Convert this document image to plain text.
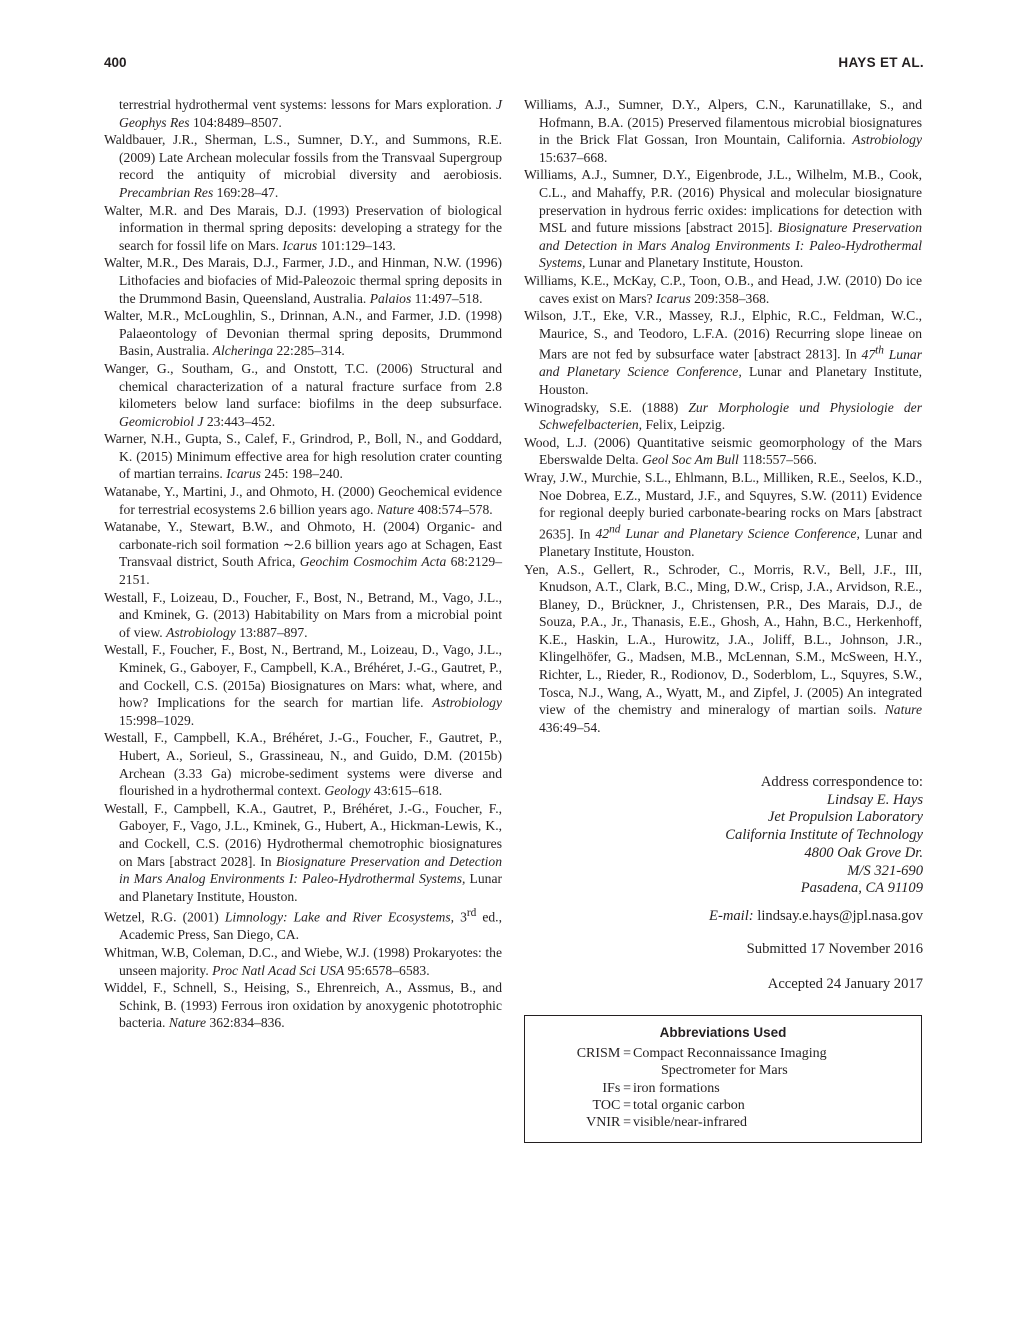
400	HAYS ET AL.

terrestrial hydrothermal vent systems: lessons for Mars exploration. J Geophys Res 104:8489–8507.

Waldbauer, J.R., Sherman, L.S., Sumner, D.Y., and Summons, R.E. (2009) Late Archean molecular fossils from the Transvaal Supergroup record the antiquity of microbial diversity and aerobiosis. Precambrian Res 169:28–47.

Walter, M.R. and Des Marais, D.J. (1993) Preservation of biological information in thermal spring deposits: developing a strategy for the search for fossil life on Mars. Icarus 101:129–143.

Walter, M.R., Des Marais, D.J., Farmer, J.D., and Hinman, N.W. (1996) Lithofacies and biofacies of Mid-Paleozoic thermal spring deposits in the Drummond Basin, Queensland, Australia. Palaios 11:497–518.

Walter, M.R., McLoughlin, S., Drinnan, A.N., and Farmer, J.D. (1998) Palaeontology of Devonian thermal spring deposits, Drummond Basin, Australia. Alcheringa 22:285–314.

Wanger, G., Southam, G., and Onstott, T.C. (2006) Structural and chemical characterization of a natural fracture surface from 2.8 kilometers below land surface: biofilms in the deep subsurface. Geomicrobiol J 23:443–452.

Warner, N.H., Gupta, S., Calef, F., Grindrod, P., Boll, N., and Goddard, K. (2015) Minimum effective area for high resolution crater counting of martian terrains. Icarus 245: 198–240.

Watanabe, Y., Martini, J., and Ohmoto, H. (2000) Geochemical evidence for terrestrial ecosystems 2.6 billion years ago. Nature 408:574–578.

Watanabe, Y., Stewart, B.W., and Ohmoto, H. (2004) Organic- and carbonate-rich soil formation ∼2.6 billion years ago at Schagen, East Transvaal district, South Africa, Geochim Cosmochim Acta 68:2129–2151.

Westall, F., Loizeau, D., Foucher, F., Bost, N., Betrand, M., Vago, J.L., and Kminek, G. (2013) Habitability on Mars from a microbial point of view. Astrobiology 13:887–897.

Westall, F., Foucher, F., Bost, N., Bertrand, M., Loizeau, D., Vago, J.L., Kminek, G., Gaboyer, F., Campbell, K.A., Bréhéret, J.-G., Gautret, P., and Cockell, C.S. (2015a) Biosignatures on Mars: what, where, and how? Implications for the search for martian life. Astrobiology 15:998–1029.

Westall, F., Campbell, K.A., Bréhéret, J.-G., Foucher, F., Gautret, P., Hubert, A., Sorieul, S., Grassineau, N., and Guido, D.M. (2015b) Archean (3.33 Ga) microbe-sediment systems were diverse and flourished in a hydrothermal context. Geology 43:615–618.

Westall, F., Campbell, K.A., Gautret, P., Bréhéret, J.-G., Foucher, F., Gaboyer, F., Vago, J.L., Kminek, G., Hubert, A., Hickman-Lewis, K., and Cockell, C.S. (2016) Hydrothermal chemotrophic biosignatures on Mars [abstract 2028]. In Biosignature Preservation and Detection in Mars Analog Environments I: Paleo-Hydrothermal Systems, Lunar and Planetary Institute, Houston.

Wetzel, R.G. (2001) Limnology: Lake and River Ecosystems, 3rd ed., Academic Press, San Diego, CA.

Whitman, W.B, Coleman, D.C., and Wiebe, W.J. (1998) Prokaryotes: the unseen majority. Proc Natl Acad Sci USA 95:6578–6583.

Widdel, F., Schnell, S., Heising, S., Ehrenreich, A., Assmus, B., and Schink, B. (1993) Ferrous iron oxidation by anoxygenic phototrophic bacteria. Nature 362:834–836.

Williams, A.J., Sumner, D.Y., Alpers, C.N., Karunatillake, S., and Hofmann, B.A. (2015) Preserved filamentous microbial biosignatures in the Brick Flat Gossan, Iron Mountain, California. Astrobiology 15:637–668.

Williams, A.J., Sumner, D.Y., Eigenbrode, J.L., Wilhelm, M.B., Cook, C.L., and Mahaffy, P.R. (2016) Physical and molecular biosignature preservation in hydrous ferric oxides: implications for detection with MSL and future missions [abstract 2015]. Biosignature Preservation and Detection in Mars Analog Environments I: Paleo-Hydrothermal Systems, Lunar and Planetary Institute, Houston.

Williams, K.E., McKay, C.P., Toon, O.B., and Head, J.W. (2010) Do ice caves exist on Mars? Icarus 209:358–368.

Wilson, J.T., Eke, V.R., Massey, R.J., Elphic, R.C., Feldman, W.C., Maurice, S., and Teodoro, L.F.A. (2016) Recurring slope lineae on Mars are not fed by subsurface water [abstract 2813]. In 47th Lunar and Planetary Science Conference, Lunar and Planetary Institute, Houston.

Winogradsky, S.E. (1888) Zur Morphologie und Physiologie der Schwefelbacterien, Felix, Leipzig.

Wood, L.J. (2006) Quantitative seismic geomorphology of the Mars Eberswalde Delta. Geol Soc Am Bull 118:557–566.

Wray, J.W., Murchie, S.L., Ehlmann, B.L., Milliken, R.E., Seelos, K.D., Noe Dobrea, E.Z., Mustard, J.F., and Squyres, S.W. (2011) Evidence for regional deeply buried carbonate-bearing rocks on Mars [abstract 2635]. In 42nd Lunar and Planetary Science Conference, Lunar and Planetary Institute, Houston.

Yen, A.S., Gellert, R., Schroder, C., Morris, R.V., Bell, J.F., III, Knudson, A.T., Clark, B.C., Ming, D.W., Crisp, J.A., Arvidson, R.E., Blaney, D., Brückner, J., Christensen, P.R., Des Marais, D.J., de Souza, P.A., Jr., Thanasis, E.E., Ghosh, A., Hahn, B.C., Herkenhoff, K.E., Haskin, L.A., Hurowitz, J.A., Joliff, B.L., Johnson, J.R., Klingelhöfer, G., Madsen, M.B., McLennan, S.M., McSween, H.Y., Richter, L., Rieder, R., Rodionov, D., Soderblom, L., Squyres, S.W., Tosca, N.J., Wang, A., Wyatt, M., and Zipfel, J. (2005) An integrated view of the chemistry and mineralogy of martian soils. Nature 436:49–54.

Address correspondence to:

Lindsay E. Hays
Jet Propulsion Laboratory
California Institute of Technology
4800 Oak Grove Dr.
M/S 321-690
Pasadena, CA 91109
E-mail: lindsay.e.hays@jpl.nasa.gov
Submitted 17 November 2016

Accepted 24 January 2017
Abbreviations Used
CRISM = Compact Reconnaissance Imaging
Spectrometer for Mars
IFs = iron formations
TOC = total organic carbon
VNIR = visible/near-infrared
